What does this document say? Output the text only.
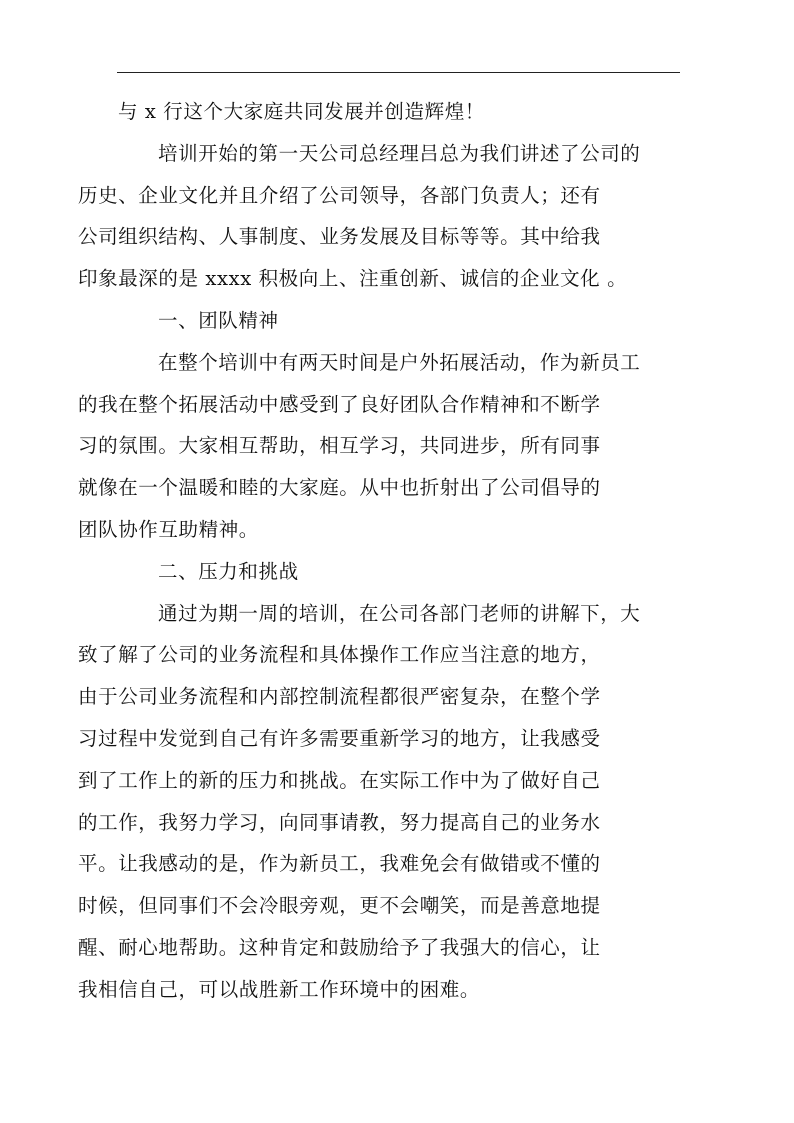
与 x 行这个大家庭共同发展并创造辉煌！

培训开始的第一天公司总经理吕总为我们讲述了公司的
历史、企业文化并且介绍了公司领导，各部门负责人；还有
公司组织结构、人事制度、业务发展及目标等等。其中给我
印象最深的是 xxxx 积极向上、注重创新、诚信的企业文化 。

一、团队精神

在整个培训中有两天时间是户外拓展活动，作为新员工
的我在整个拓展活动中感受到了良好团队合作精神和不断学
习的氛围。大家相互帮助，相互学习，共同进步，所有同事
就像在一个温暖和睦的大家庭。从中也折射出了公司倡导的
团队协作互助精神。

二、压力和挑战

通过为期一周的培训，在公司各部门老师的讲解下，大
致了解了公司的业务流程和具体操作工作应当注意的地方，
由于公司业务流程和内部控制流程都很严密复杂，在整个学
习过程中发觉到自己有许多需要重新学习的地方，让我感受
到了工作上的新的压力和挑战。在实际工作中为了做好自己
的工作，我努力学习，向同事请教，努力提高自己的业务水
平。让我感动的是，作为新员工，我难免会有做错或不懂的
时候，但同事们不会冷眼旁观，更不会嘲笑，而是善意地提
醒、耐心地帮助。这种肯定和鼓励给予了我强大的信心，让
我相信自己，可以战胜新工作环境中的困难。
